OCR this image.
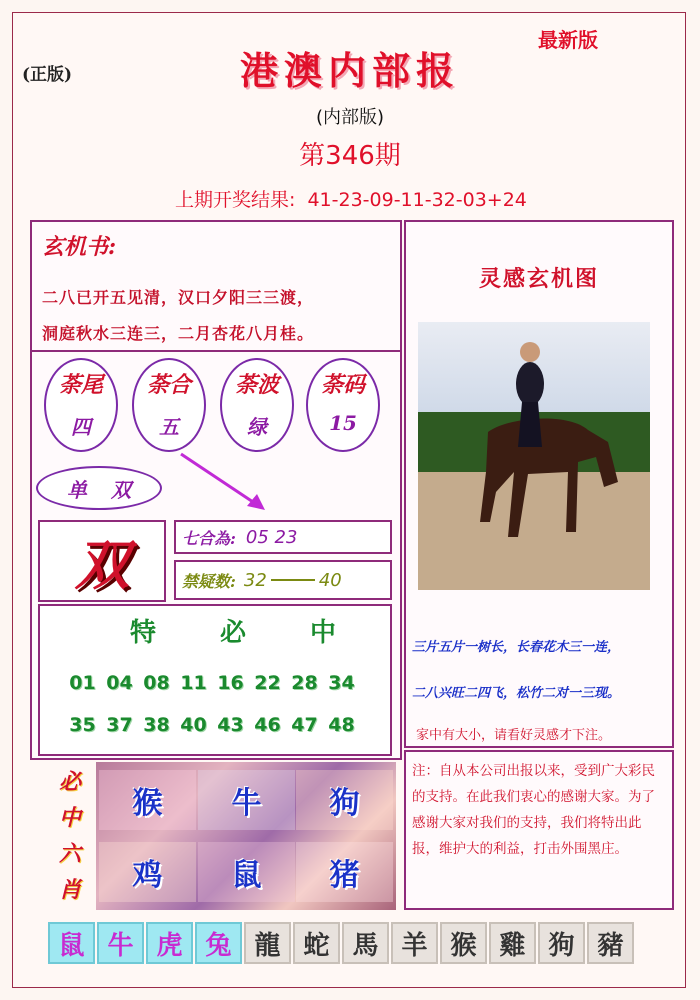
(正版)	港澳内部报
最新版
(内部版)
第346期
上期开奖结果: 41-23-09-11-32-03+24
玄机书:
二八已开五见清，汉口夕阳三三渡，
洞庭秋水三连三，二月杏花八月桂。
荼尾
四
荼合
五
荼波
绿
荼码
15
单 双
双	七合為: 05 23
禁疑数: 32	40
特 必 中
01 04 08 11 16 22 28 34
35 37 38 40 43 46 47 48
必
中
六
肖
猴	牛	狗
鸡	鼠	猪
灵感玄机图
三片五片一树长，长春花木三一连，
二八兴旺二四飞，松竹二对一三现。
家中有大小，请看好灵感才下注。
注：自从本公司出报以来，受到广大彩民的支持。在此我们衷心的感谢大家。为了感谢大家对我们的支持，我们将特出此报，维护大的利益，打击外围黑庄。
鼠 牛 虎 兔 龍 蛇 馬 羊 猴 雞 狗 豬
